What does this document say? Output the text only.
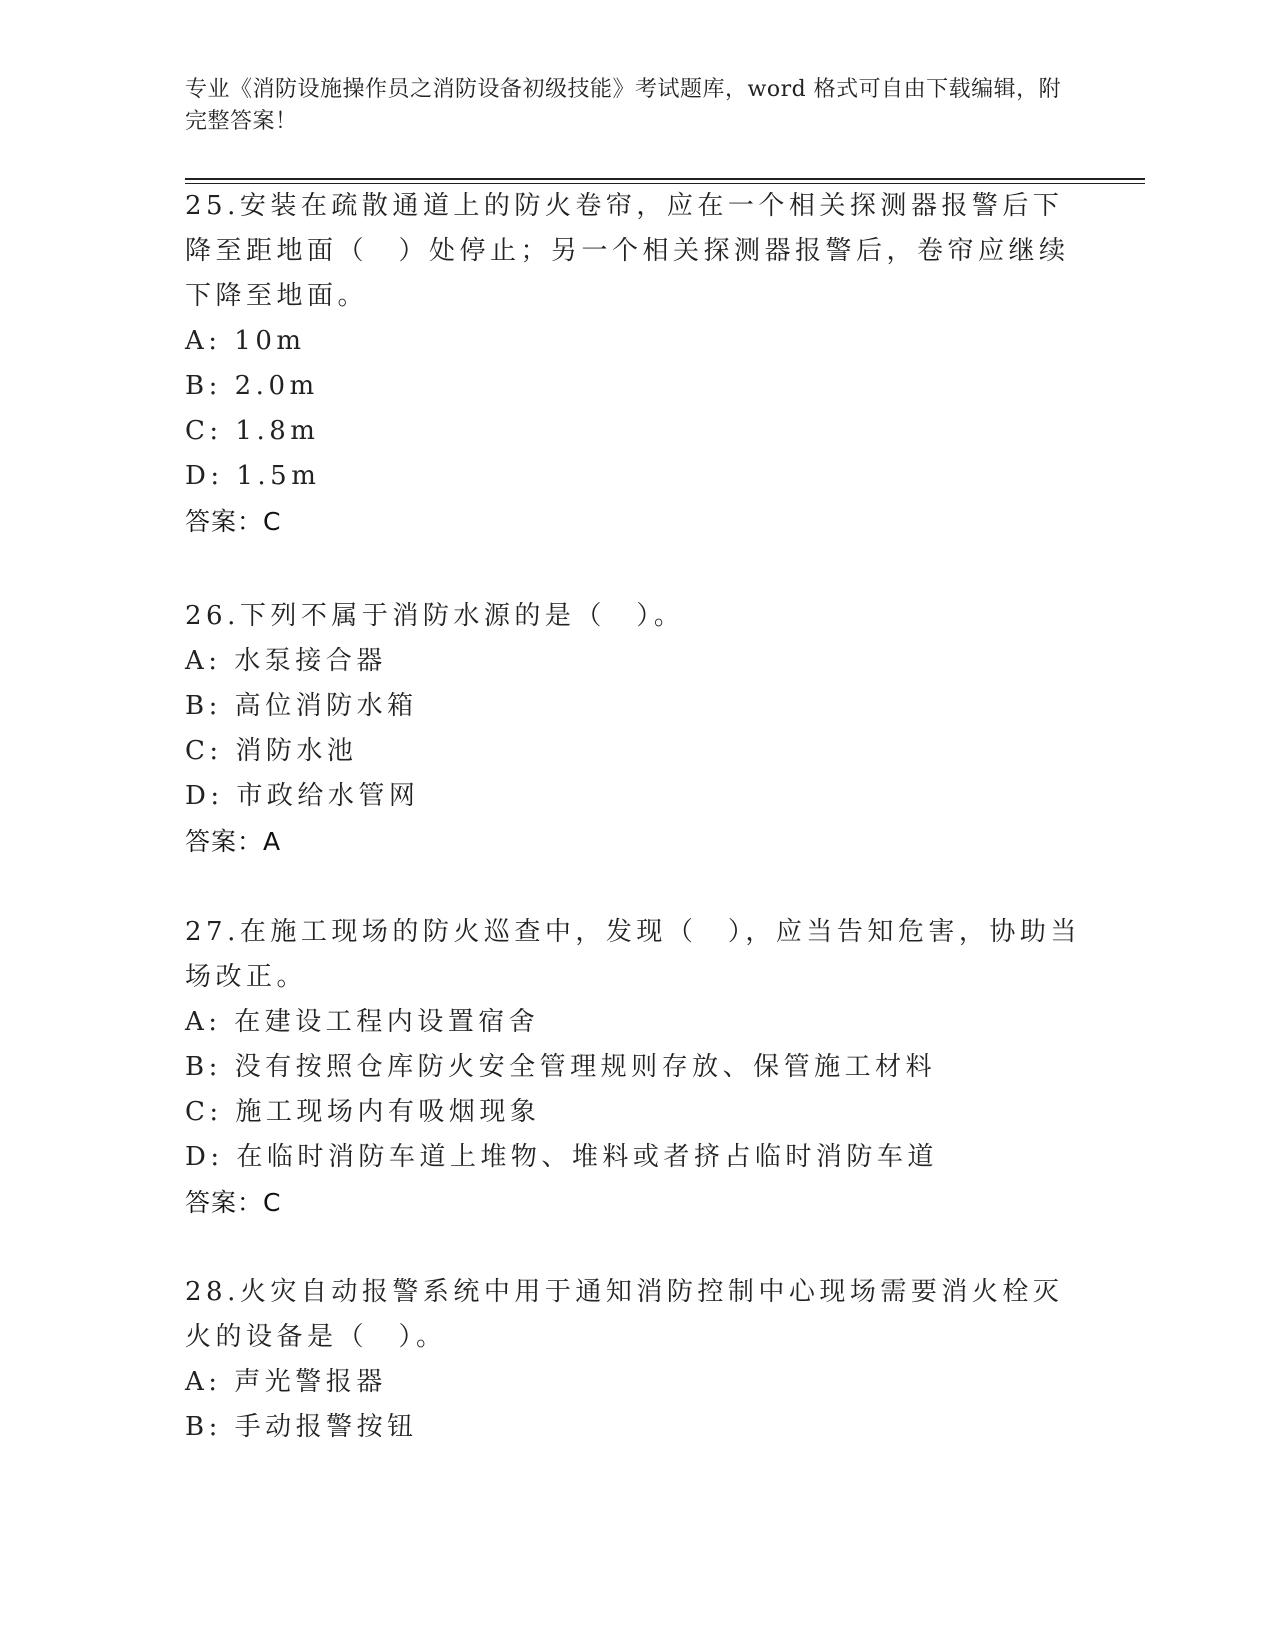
专业《消防设施操作员之消防设备初级技能》考试题库，word 格式可自由下载编辑，附完整答案！
25.安装在疏散通道上的防火卷帘，应在一个相关探测器报警后下降至距地面（　）处停止；另一个相关探测器报警后，卷帘应继续下降至地面。
A: 10m
B: 2.0m
C: 1.8m
D: 1.5m
答案：C
26.下列不属于消防水源的是（　）。
A: 水泵接合器
B: 高位消防水箱
C: 消防水池
D: 市政给水管网
答案：A
27.在施工现场的防火巡查中，发现（　），应当告知危害，协助当场改正。
A: 在建设工程内设置宿舍
B: 没有按照仓库防火安全管理规则存放、保管施工材料
C: 施工现场内有吸烟现象
D: 在临时消防车道上堆物、堆料或者挤占临时消防车道
答案：C
28.火灾自动报警系统中用于通知消防控制中心现场需要消火栓灭火的设备是（　）。
A: 声光警报器
B: 手动报警按钮
